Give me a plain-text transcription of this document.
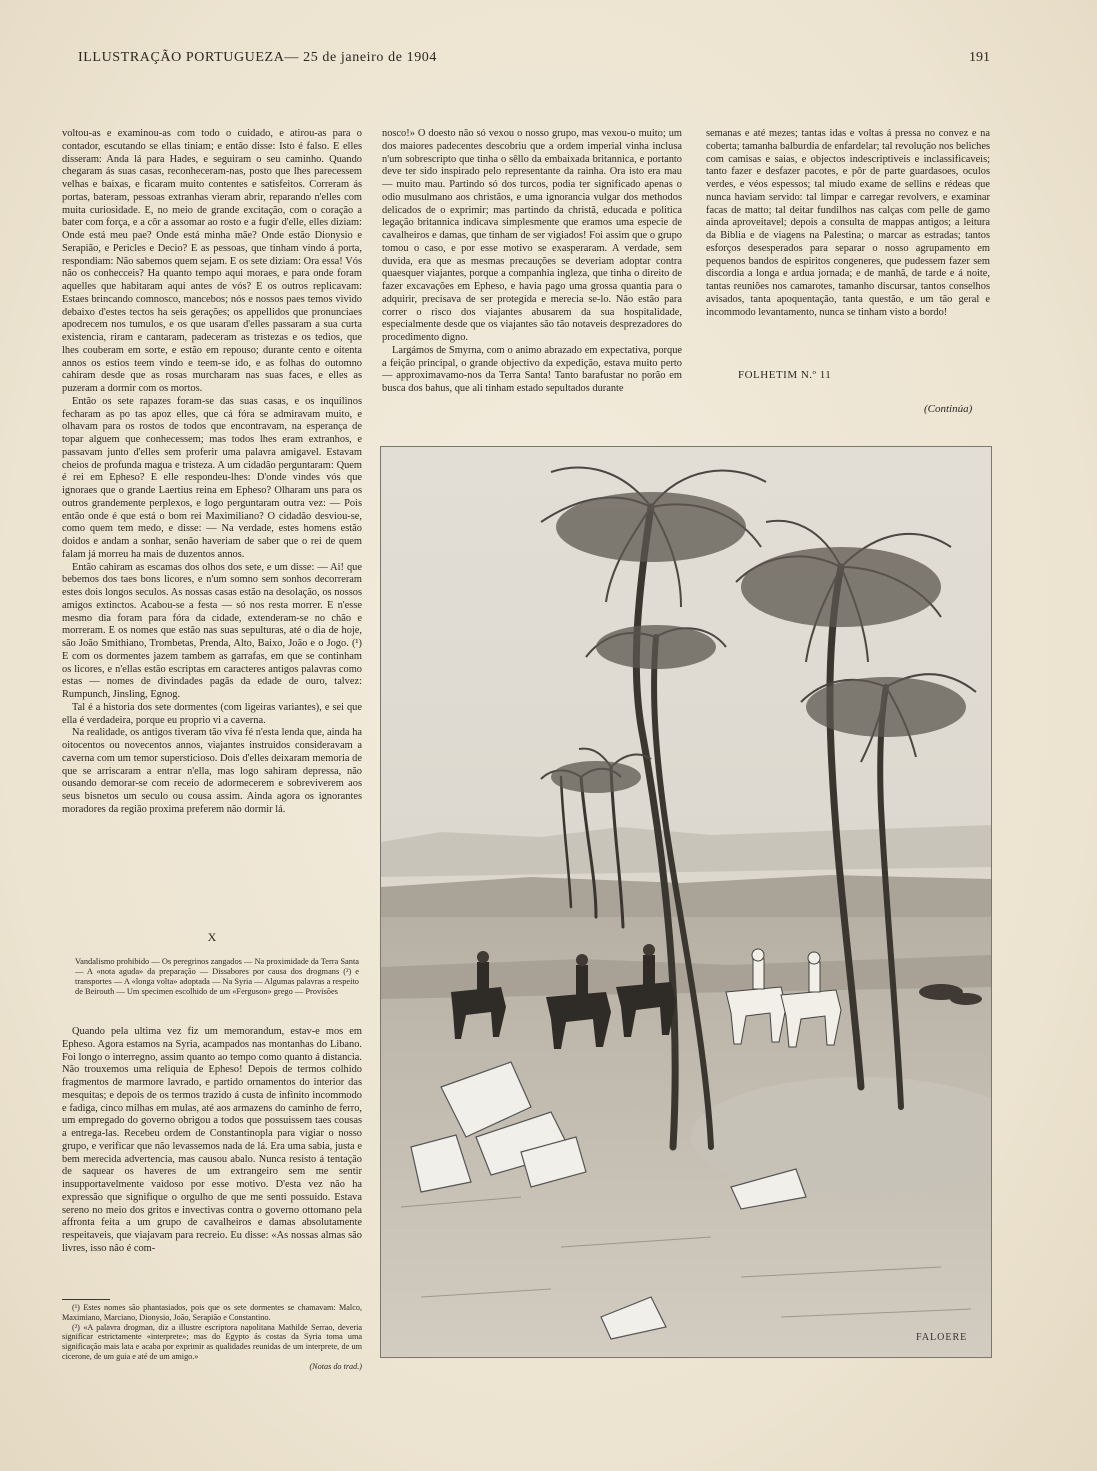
ILLUSTRAÇÃO PORTUGUEZA— 25 de janeiro de 1904	191

voltou-as e examinou-as com todo o cuidado, e atirou-as para o contador, escutando se ellas tiniam; e então disse: Isto é falso. E elles disseram: Anda lá para Hades, e seguiram o seu caminho. Quando chegaram ás suas casas, reconheceram-nas, posto que lhes parecessem velhas e baixas, e ficaram muito contentes e satisfeitos. Correram ás portas, bateram, pessoas extranhas vieram abrir, reparando n'elles com muita curiosidade. E, no meio de grande excitação, com o coração a bater com força, e a côr a assomar ao rosto e a fugir d'elle, elles diziam: Onde está meu pae? Onde está minha mãe? Onde estão Dionysio e Serapião, e Pericles e Decio? E as pessoas, que tinham vindo á porta, respondiam: Não sabemos quem sejam. E os sete diziam: Ora essa! Vós não os conhecceis? Ha quanto tempo aqui moraes, e para onde foram aquelles que habitaram aqui antes de vós? E os outros replicavam: Estaes brincando comnosco, mancebos; nós e nossos paes temos vivido debaixo d'estes tectos ha seis gerações; os appellidos que pronunciaes apodrecem nos tumulos, e os que usaram d'elles passaram a sua curta existencia, riram e cantaram, padeceram as tristezas e os tedios, que lhes couberam em sorte, e estão em repouso; durante cento e oitenta annos os estios teem vindo e teem-se ido, e as folhas do outomno cahiram desde que as rosas murcharam nas suas faces, e elles as puzeram a dormir com os mortos.

Então os sete rapazes foram-se das suas casas, e os inquilinos fecharam as po tas apoz elles, que cá fóra se admiravam muito, e olhavam para os rostos de todos que encontravam, na esperança de topar alguem que conhecessem; mas todos lhes eram extranhos, e passavam junto d'elles sem proferir uma palavra amigavel. Estavam cheios de profunda magua e tristeza. A um cidadão perguntaram: Quem é rei em Epheso? E elle respondeu-lhes: D'onde vindes vós que ignoraes que o grande Laertius reina em Epheso? Olharam uns para os outros grandemente perplexos, e logo perguntaram outra vez: — Pois então onde é que está o bom rei Maximiliano? O cidadão desviou-se, como quem tem medo, e disse: — Na verdade, estes homens estão doidos e andam a sonhar, senão haveriam de saber que o rei de quem falam já morreu ha mais de duzentos annos.

Então cahiram as escamas dos olhos dos sete, e um disse: — Ai! que bebemos dos taes bons licores, e n'um somno sem sonhos decorreram estes dois longos seculos. As nossas casas estão na desolação, os nossos amigos extinctos. Acabou-se a festa — só nos resta morrer. E n'esse mesmo dia foram para fóra da cidade, extenderam-se no chão e morreram. E os nomes que estão nas suas sepulturas, até o dia de hoje, são João Smithiano, Trombetas, Prenda, Alto, Baixo, João e o Jogo. (¹) E com os dormentes jazem tambem as garrafas, em que se continham os licores, e n'ellas estão escriptas em caracteres antigos palavras como estas — nomes de divindades pagãs da edade de ouro, talvez: Rumpunch, Jinsling, Egnog.

Tal é a historia dos sete dormentes (com ligeiras variantes), e sei que ella é verdadeira, porque eu proprio vi a caverna.

Na realidade, os antigos tiveram tão viva fé n'esta lenda que, ainda ha oitocentos ou novecentos annos, viajantes instruidos consideravam a caverna com um temor supersticioso. Dois d'elles deixaram memoria de que se arriscaram a entrar n'ella, mas logo sahiram depressa, não ousando demorar-se com receio de adormecerem e sobreviverem aos seus bisnetos um seculo ou cousa assim. Ainda agora os ignorantes moradores da região proxima preferem não dormir lá.

X
Vandalismo prohibido — Os peregrinos zangados — Na proximidade da Terra Santa — A «nota aguda» da preparação — Dissabores por causa dos drogmans (²) e transportes — A «longa volta» adoptada — Na Syria — Algumas palavras a respeito de Beirouth — Um specimen escolhido de um «Ferguson» grego — Provisões

Quando pela ultima vez fiz um memorandum, estav-e mos em Epheso. Agora estamos na Syria, acampados nas montanhas do Libano. Foi longo o interregno, assim quanto ao tempo como quanto á distancia. Não trouxemos uma reliquia de Epheso! Depois de termos colhido fragmentos de marmore lavrado, e partido ornamentos do interior das mesquitas; e depois de os termos trazido á custa de infinito incommodo e fadiga, cinco milhas em mulas, até aos armazens do caminho de ferro, um empregado do governo obrigou a todos que possuissem taes cousas a entrega-las. Recebeu ordem de Constantinopla para vigiar o nosso grupo, e verificar que não levassemos nada de lá. Era uma sabia, justa e bem merecida advertencia, mas causou abalo. Nunca resisto á tentação de saquear os haveres de um extrangeiro sem me sentir insupportavelmente vaidoso por esse motivo. D'esta vez não ha expressão que signifique o orgulho de que me senti possuido. Estava sereno no meio dos gritos e invectivas contra o governo ottomano pela affronta feita a um grupo de cavalheiros e damas absolutamente respeitaveis, que viajavam para recreio. Eu disse: «As nossas almas são livres, isso não é com-

(¹) Estes nomes são phantasiados, pois que os sete dormentes se chamavam: Malco, Maximiano, Marciano, Dionysio, João, Serapião e Constantino.

(²) «A palavra drogman, diz a illustre escriptora napolitana Mathilde Serrao, deveria significar estrictamente «interprete»; mas do Egypto ás costas da Syria toma uma significação mais lata e acaba por exprimir as qualidades reunidas de um interprete, de um cicerone, de um guia e até de um amigo.»

(Notas do trad.)

nosco!» O doesto não só vexou o nosso grupo, mas vexou-o muito; um dos maiores padecentes descobriu que a ordem imperial vinha inclusa n'um sobrescripto que tinha o sêllo da embaixada britannica, e portanto deve ter sido inspirado pelo representante da rainha. Ora isto era mau — muito mau. Partindo só dos turcos, podia ter significado apenas o odio musulmano aos christãos, e uma ignorancia vulgar dos methodos delicados de o exprimir; mas partindo da christã, educada e politica legação britannica indicava simplesmente que eramos uma especie de cavalheiros e damas, que tinham de ser vigiados! Foi assim que o grupo tomou o caso, e por esse motivo se exasperaram. A verdade, sem duvida, era que as mesmas precauções se deveriam adoptar contra quaesquer viajantes, porque a companhia ingleza, que tinha o direito de fazer excavações em Epheso, e havia pago uma grossa quantia para o adquirir, precisava de ser protegida e merecia se-lo. Não estão para correr o risco dos viajantes abusarem da sua hospitalidade, especialmente desde que os viajantes são tão notaveis desprezadores do procedimento digno.

Largámos de Smyrna, com o animo abrazado em expectativa, porque a feição principal, o grande objectivo da expedição, estava muito perto — approximavamo-nos da Terra Santa! Tanto barafustar no porão em busca dos bahus, que ali tinham estado sepultados durante

semanas e até mezes; tantas idas e voltas á pressa no convez e na coberta; tamanha balburdia de enfardelar; tal revolução nos beliches com camisas e saias, e objectos indescriptiveis e inclassificaveis; tanto fazer e desfazer pacotes, e pôr de parte guardasoes, oculos verdes, e véos espessos; tal miudo exame de sellins e rédeas que nunca haviam servido: tal limpar e carregar revolvers, e examinar facas de matto; tal deitar fundilhos nas calças com pelle de gamo ainda aproveitavel; depois a consulta de mappas antigos; a leitura da Biblia e de viagens na Palestina; o marcar as estradas; tantos esforços desesperados para separar o nosso agrupamento em pequenos bandos de espiritos congeneres, que pudessem fazer sem discordia a longa e ardua jornada; e de manhã, de tarde e á noite, tantas reuniões nos camarotes, tamanho discursar, tantos conselhos avisados, tanta apoquentação, tanta questão, e um tão geral e incommodo levantamento, nunca se tinham visto a bordo!

FOLHETIM N.º 11
(Continúa)
FALOERE
